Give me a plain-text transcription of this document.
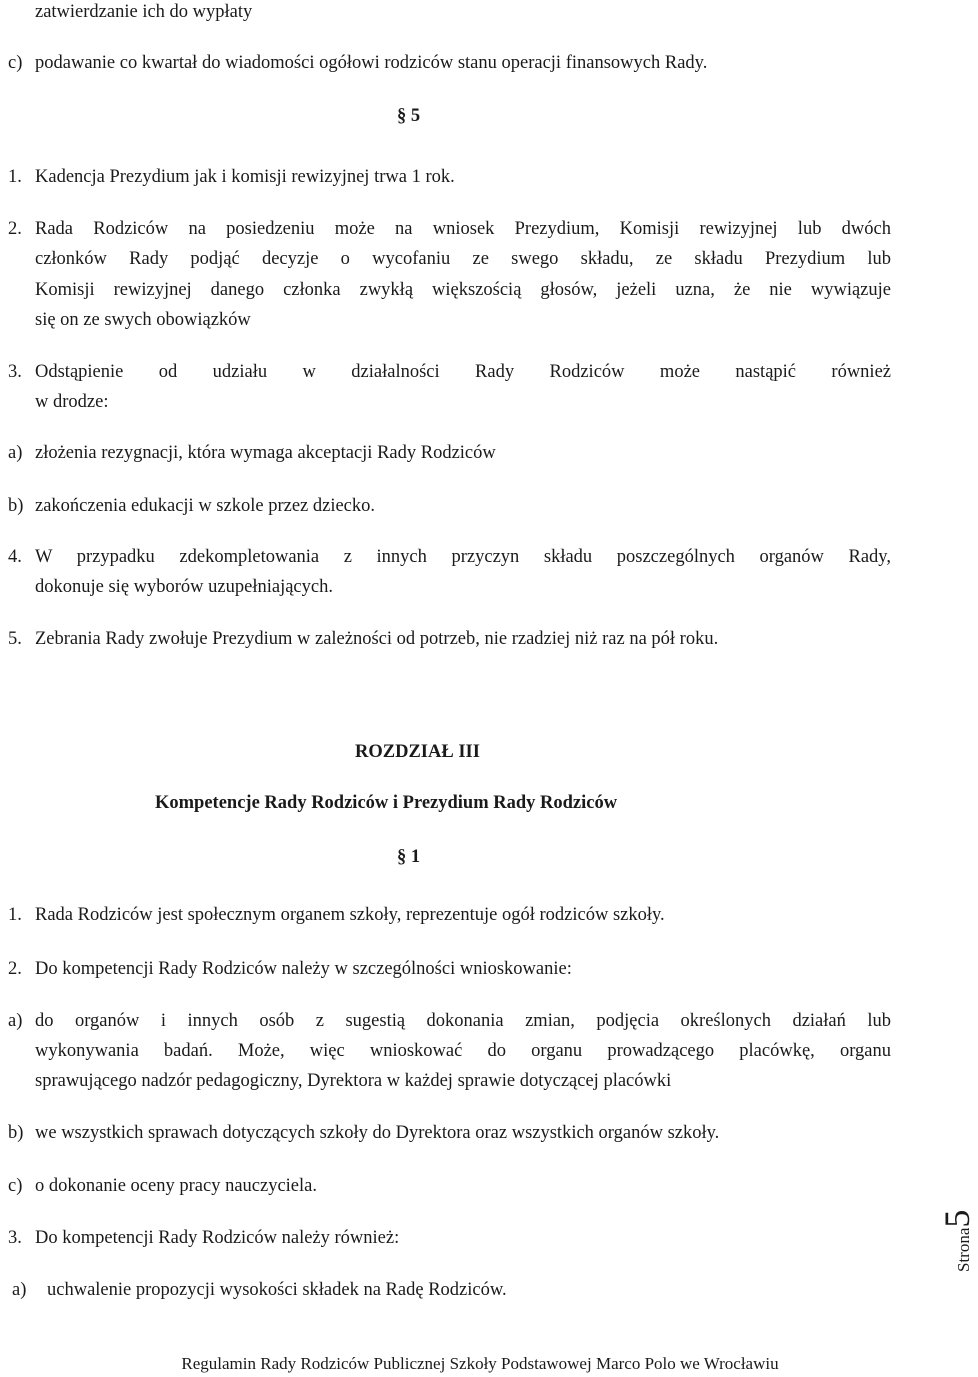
zatwierdzanie ich do wypłaty
c) podawanie co kwartał do wiadomości ogółowi rodziców stanu operacji finansowych Rady.
§ 5
1. Kadencja Prezydium jak i komisji rewizyjnej trwa 1 rok.
2. Rada Rodziców na posiedzeniu może na wniosek Prezydium, Komisji rewizyjnej lub dwóch
członków Rady podjąć decyzje o wycofaniu ze swego składu, ze składu Prezydium lub
Komisji rewizyjnej danego członka zwykłą większością głosów, jeżeli uzna, że nie wywiązuje
się on ze swych obowiązków
3. Odstąpienie od udziału w działalności Rady Rodziców może nastąpić również
w drodze:
a) złożenia rezygnacji, która wymaga akceptacji Rady Rodziców
b) zakończenia edukacji w szkole przez dziecko.
4. W przypadku zdekompletowania z innych przyczyn składu poszczególnych organów Rady,
dokonuje się wyborów uzupełniających.
5. Zebrania Rady zwołuje Prezydium w zależności od potrzeb, nie rzadziej niż raz na pół roku.
ROZDZIAŁ III
Kompetencje Rady Rodziców i Prezydium Rady Rodziców
§ 1
1. Rada Rodziców jest społecznym organem szkoły, reprezentuje ogół rodziców szkoły.
2. Do kompetencji Rady Rodziców należy w szczególności wnioskowanie:
a) do organów i innych osób z sugestią dokonania zmian, podjęcia określonych działań lub
wykonywania badań. Może, więc wnioskować do organu prowadzącego placówkę, organu
sprawującego nadzór pedagogiczny, Dyrektora w każdej sprawie dotyczącej placówki
b) we wszystkich sprawach dotyczących szkoły do Dyrektora oraz wszystkich organów szkoły.
c) o dokonanie oceny pracy nauczyciela.
3. Do kompetencji Rady Rodziców należy również:
a) uchwalenie propozycji wysokości składek na Radę Rodziców.
Strona5
Regulamin Rady Rodziców Publicznej Szkoły Podstawowej Marco Polo we Wrocławiu
